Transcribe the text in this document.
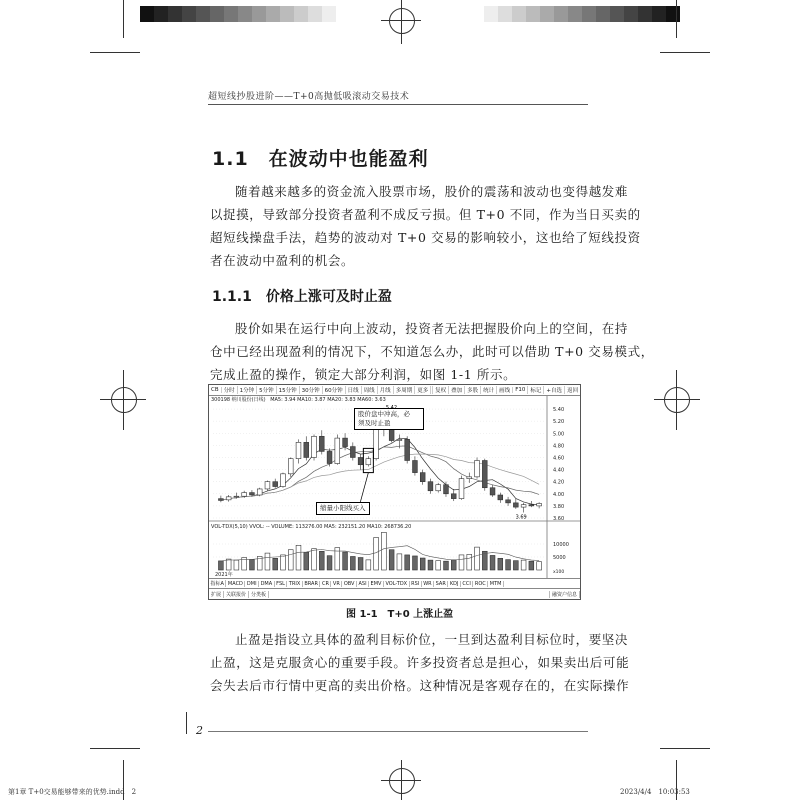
超短线抄股进阶——T+0高抛低吸滚动交易技术
1.1　在波动中也能盈利

随着越来越多的资金流入股票市场，股价的震荡和波动也变得越发难

以捉摸，导致部分投资者盈利不成反亏损。但 T+0 不同，作为当日买卖的

超短线操盘手法，趋势的波动对 T+0 交易的影响较小，这也给了短线投资

者在波动中盈利的机会。

1.1.1　价格上涨可及时止盈

股价如果在运行中向上波动，投资者无法把握股价向上的空间，在持

仓中已经出现盈利的情况下，不知道怎么办，此时可以借助 T+0 交易模式，

完成止盈的操作，锁定大部分利润，如图 1-1 所示。

CB 分时 1分钟 5分钟 15分钟 30分钟 60分钟 日线 周线 月线 多周期 更多	复权 叠加 多股 统计 画线 F10 标记 +自选 返回
300198 纳川股份(日线) MA5: 3.94 MA10: 3.87 MA20: 3.83 MA60: 3.63
VOL-TDX(5,10) VVOL: -- VOLUME: 113276.00 MA5: 232151.20 MA10: 268736.20
5.40
5.20
5.00
4.80
4.60
4.40
4.20
4.00
3.80
3.60
3.69
10000
5000
x100
2021年
股价盘中冲高，必
须及时止盈
缩量小阳线买入
指标A MACD DMI DMA FSL TRIX BRAR CR VR OBV ASI EMV VOL-TDX RSI WR SAR KDJ CCI ROC MTM
扩展	关联报价	分类板	融资户信息
图 1-1　T+0 上涨止盈

止盈是指设立具体的盈利目标价位，一旦到达盈利目标位时，要坚决

止盈，这是克服贪心的重要手段。许多投资者总是担心，如果卖出后可能

会失去后市行情中更高的卖出价格。这种情况是客观存在的，在实际操作

2
第1章 T+0交易能够带来的优势.indd　2	2023/4/4　10:03:53
